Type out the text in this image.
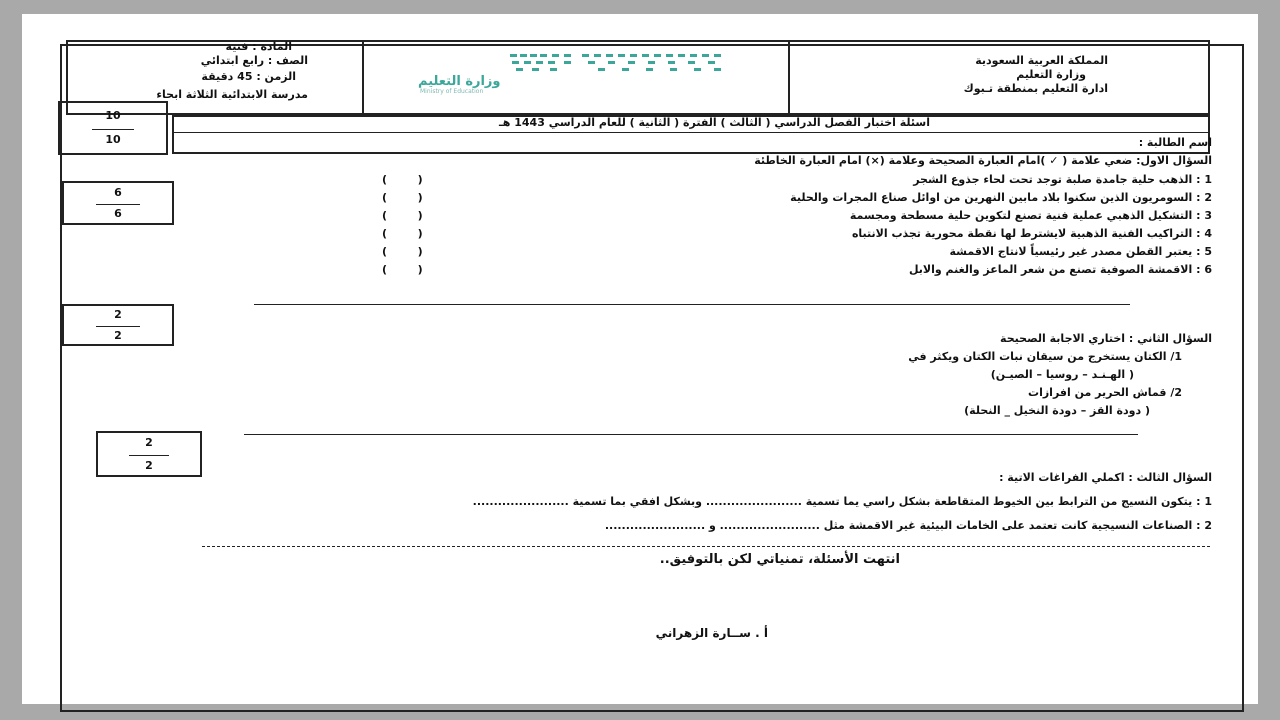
المملكة العربية السعودية
وزارة التعليم
ادارة التعليم بمنطقة تـبوك
وزارة التعليم
Ministry of Education
المادة : فنية
الصف : رابع ابتدائي
الزمن : 45 دقيقة
مدرسة الابتدائية الثلاثة ابحاء
اسئلة اختبار الفصل الدراسي ( الثالث ) الفترة ( الثانية ) للعام الدراسي 1443 هـ
اسم الطالبة :
10
10
السؤال الاول: ضعي علامة ( ✓ )امام العبارة الصحيحة وعلامة (×) امام العبارة الخاطئة
6
6
1 : الذهب حلية جامدة صلبة توجد تحت لحاء جذوع الشجر
2 : السومريون الذين سكنوا بلاد مابين النهرين من اوائل صناع المجرات والحلية
3 : التشكيل الذهبي عملية فنية تصنع لتكوين حلية مسطحة ومجسمة
4 : التراكيب الفنية الذهبية لايشترط لها نقطة محورية تجذب الانتباه
5 : يعتبر القطن مصدر غير رئيسياً لانتاج الاقمشة
6 : الاقمشة الصوفية تصنع من شعر الماعز والغنم والابل
(        )
(        )
(        )
(        )
(        )
(        )
2
2	السؤال الثاني : اختاري الاجابة الصحيحة
1/ الكتان يستخرج من سيقان نبات الكتان ويكثر في
( الهـنـد – روسيا – الصيـن)
2/ قماش الحرير من افرازات
( دودة القز – دودة النخيل _ النحلة)
2
2
السؤال الثالث : اكملي الفراغات الاتية :
1 : يتكون النسيج من الترابط بين الخيوط المتقاطعة بشكل راسي يما تسمية ....................... وبشكل افقي بما تسمية .......................
2 : الصناعات النسيجية كانت تعتمد على الخامات البيئية غير الاقمشة مثل ........................ و ........................
انتهت الأسئلة، تمنياتي لكن بالتوفيق..
أ . ســارة الزهراني
